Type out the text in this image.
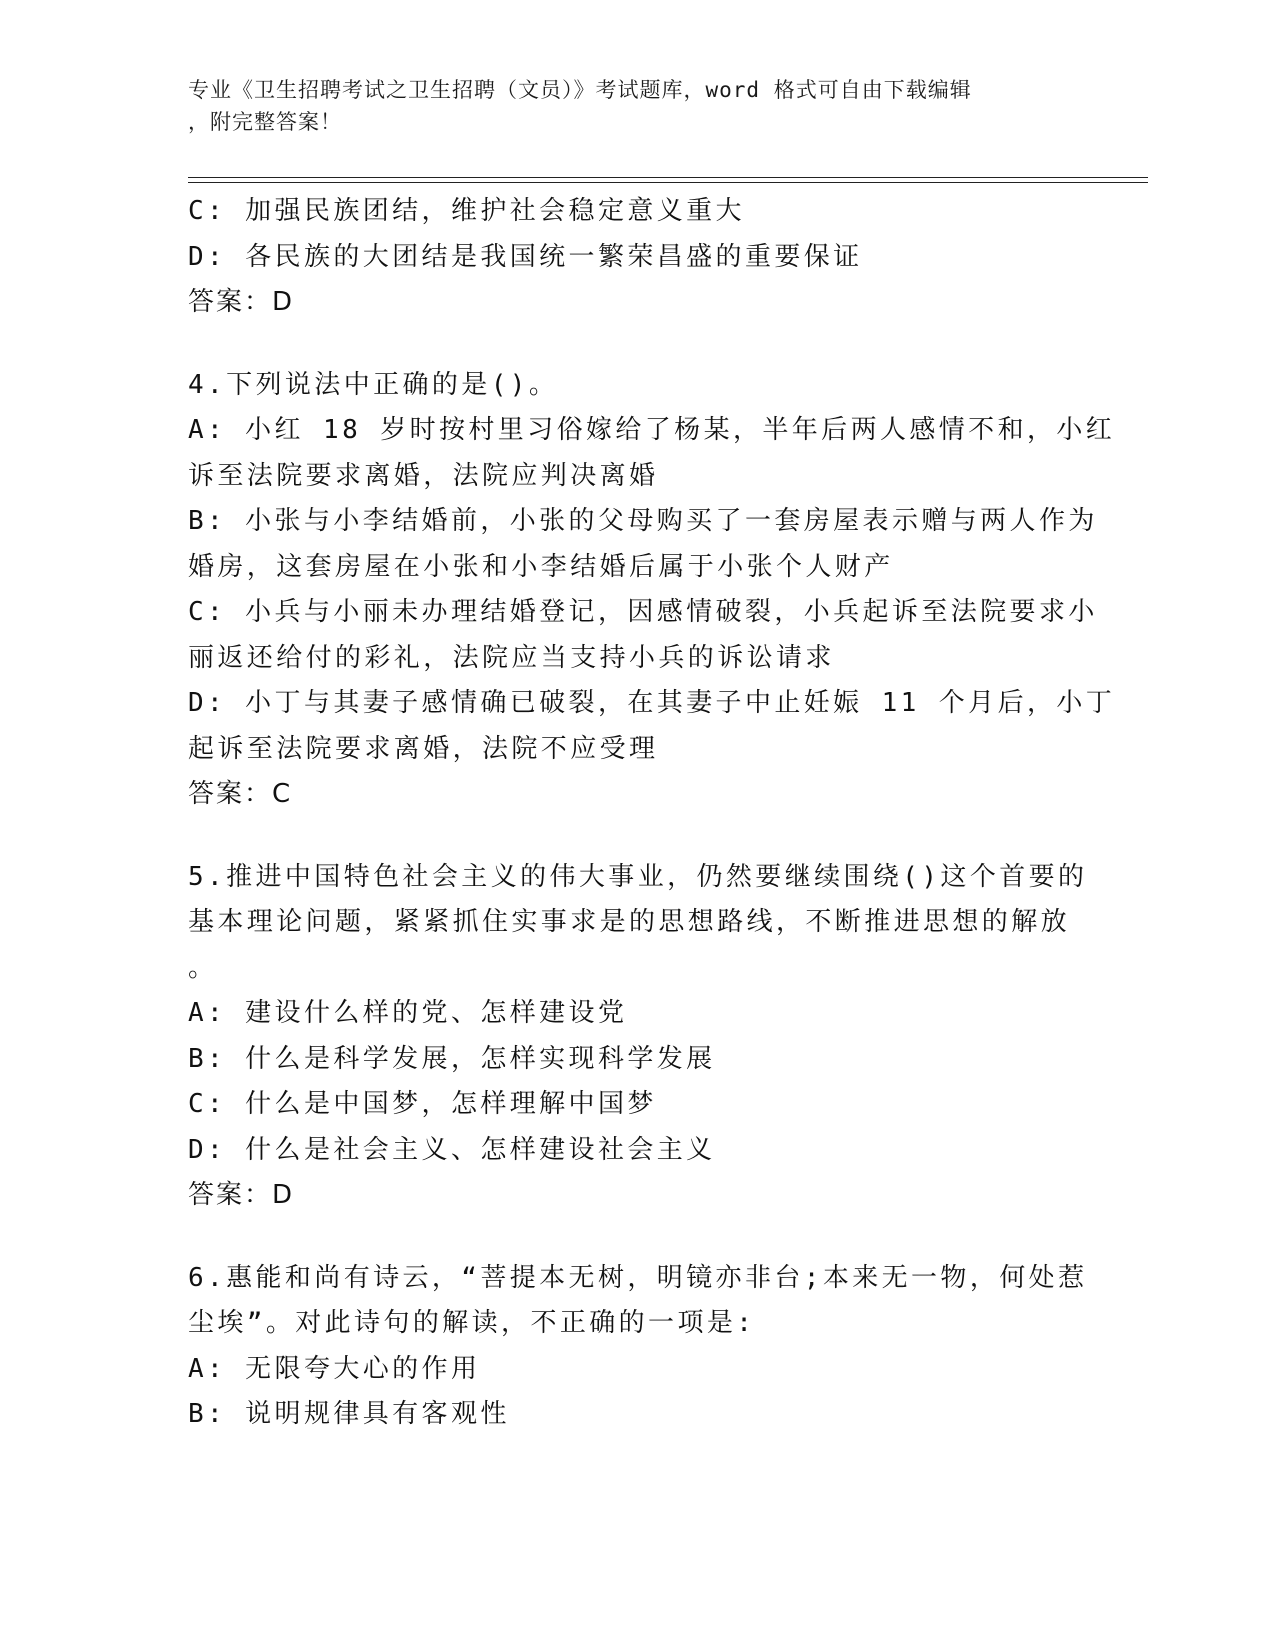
专业《卫生招聘考试之卫生招聘（文员）》考试题库，word 格式可自由下载编辑
，附完整答案！
C: 加强民族团结，维护社会稳定意义重大
D: 各民族的大团结是我国统一繁荣昌盛的重要保证
答案：D
4.下列说法中正确的是()。
A: 小红 18 岁时按村里习俗嫁给了杨某，半年后两人感情不和，小红
诉至法院要求离婚，法院应判决离婚
B: 小张与小李结婚前，小张的父母购买了一套房屋表示赠与两人作为
婚房，这套房屋在小张和小李结婚后属于小张个人财产
C: 小兵与小丽未办理结婚登记，因感情破裂，小兵起诉至法院要求小
丽返还给付的彩礼，法院应当支持小兵的诉讼请求
D: 小丁与其妻子感情确已破裂，在其妻子中止妊娠 11 个月后，小丁
起诉至法院要求离婚，法院不应受理
答案：C
5.推进中国特色社会主义的伟大事业，仍然要继续围绕()这个首要的
基本理论问题，紧紧抓住实事求是的思想路线，不断推进思想的解放
。
A: 建设什么样的党、怎样建设党
B: 什么是科学发展，怎样实现科学发展
C: 什么是中国梦，怎样理解中国梦
D: 什么是社会主义、怎样建设社会主义
答案：D
6.惠能和尚有诗云，“菩提本无树，明镜亦非台;本来无一物，何处惹
尘埃”。对此诗句的解读，不正确的一项是:
A: 无限夸大心的作用
B: 说明规律具有客观性
